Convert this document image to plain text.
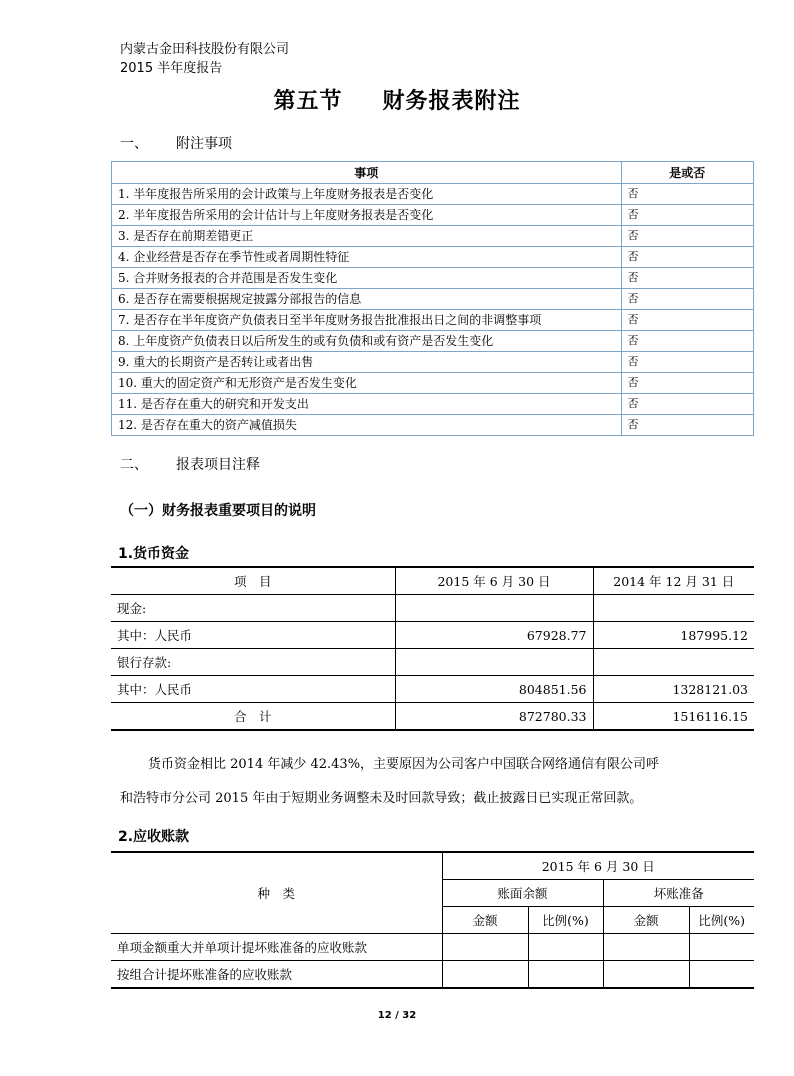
内蒙古金田科技股份有限公司
2015 半年度报告
第五节 财务报表附注
一、 附注事项
事项	是或否
1. 半年度报告所采用的会计政策与上年度财务报表是否变化	否
2. 半年度报告所采用的会计估计与上年度财务报表是否变化	否
3. 是否存在前期差错更正	否
4. 企业经营是否存在季节性或者周期性特征	否
5. 合并财务报表的合并范围是否发生变化	否
6. 是否存在需要根据规定披露分部报告的信息	否
7. 是否存在半年度资产负债表日至半年度财务报告批准报出日之间的非调整事项	否
8. 上年度资产负债表日以后所发生的或有负债和或有资产是否发生变化	否
9. 重大的长期资产是否转让或者出售	否
10. 重大的固定资产和无形资产是否发生变化	否
11. 是否存在重大的研究和开发支出	否
12. 是否存在重大的资产减值损失	否
二、 报表项目注释
（一）财务报表重要项目的说明
1.货币资金
项　目	2015 年 6 月 30 日	2014 年 12 月 31 日
现金:		
其中：人民币	67928.77	187995.12
银行存款:		
其中：人民币	804851.56	1328121.03
合　计	872780.33	1516116.15
货币资金相比 2014 年减少 42.43%，主要原因为公司客户中国联合网络通信有限公司呼
和浩特市分公司 2015 年由于短期业务调整未及时回款导致；截止披露日已实现正常回款。
2.应收账款
种　类	2015 年 6 月 30 日			
	账面余额		坏账准备	
	金额	比例(%)	金额	比例(%)
单项金额重大并单项计提坏账准备的应收账款				
按组合计提坏账准备的应收账款				
12 / 32
